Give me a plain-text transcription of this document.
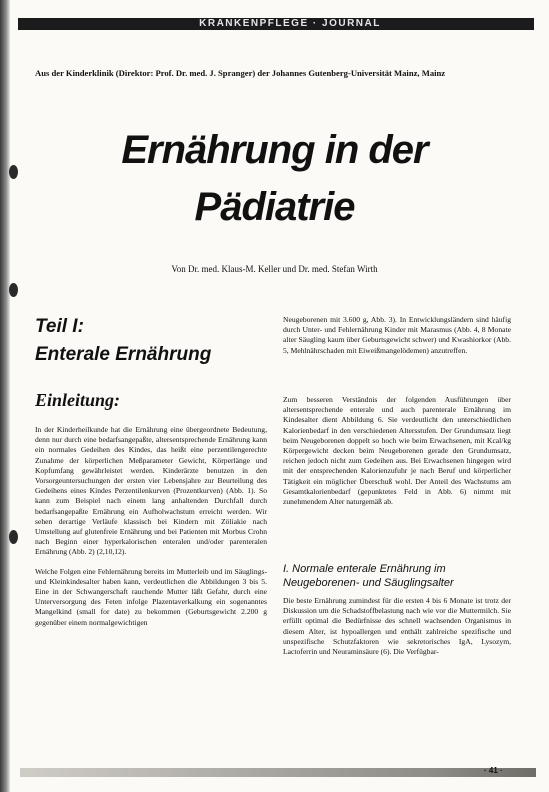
KRANKENPFLEGE · JOURNAL
Aus der Kinderklinik (Direktor: Prof. Dr. med. J. Spranger) der Johannes Gutenberg-Universität Mainz, Mainz
Ernährung in der
Pädiatrie
Von Dr. med. Klaus-M. Keller und Dr. med. Stefan Wirth
Teil I:
Enterale Ernährung
Einleitung:

In der Kinderheilkunde hat die Ernährung eine übergeordnete Bedeutung, denn nur durch eine bedarfsangepaßte, altersentsprechende Ernährung kann ein normales Gedeihen des Kindes, das heißt eine perzentilengerechte Zunahme der körperlichen Meßparameter Gewicht, Körperlänge und Kopfumfang gewährleistet werden. Kinderärzte benutzen in den Vorsorgeuntersuchungen der ersten vier Lebensjahre zur Beurteilung des Gedeihens eines Kindes Perzentilenkurven (Prozentkurven) (Abb. 1). So kann zum Beispiel nach einem lang anhaltenden Durchfall durch bedarfsangepaßte Ernährung ein Aufholwachstum erreicht werden. Wir sehen derartige Verläufe klassisch bei Kindern mit Zöliakie nach Umstellung auf glutenfreie Ernährung und bei Patienten mit Morbus Crohn nach Beginn einer hyperkalorischen enteralen und/oder parenteralen Ernährung (Abb. 2) (2,10,12).

Welche Folgen eine Fehlernährung bereits im Mutterleib und im Säuglings- und Kleinkindesalter haben kann, verdeutlichen die Abbildungen 3 bis 5. Eine in der Schwangerschaft rauchende Mutter läßt Gefahr, durch eine Unterversorgung des Feten infolge Plazentaverkalkung ein sogenanntes Mangelkind (small for date) zu bekommen (Geburtsgewicht 2.200 g gegenüber einem normalgewichtigen

Neugeborenen mit 3.600 g, Abb. 3). In Entwicklungsländern sind häufig durch Unter- und Fehlernährung Kinder mit Marasmus (Abb. 4, 8 Monate alter Säugling kaum über Geburtsgewicht schwer) und Kwashiorkor (Abb. 5, Mehlnährschaden mit Eiweißmangelödemen) anzutreffen.

Zum besseren Verständnis der folgenden Ausführungen über altersentsprechende enterale und auch parenterale Ernährung im Kindesalter dient Abbildung 6. Sie verdeutlicht den unterschiedlichen Kalorienbedarf in den verschiedenen Altersstufen. Der Grundumsatz liegt beim Neugeborenen doppelt so hoch wie beim Erwachsenen, mit Kcal/kg Körpergewicht decken beim Neugeborenen gerade den Grundumsatz, reichen jedoch nicht zum Gedeihen aus. Bei Erwachsenen hingegen wird mit der entsprechenden Kalorienzufuhr je nach Beruf und körperlicher Tätigkeit ein möglicher Überschuß wohl. Der Anteil des Wachstums am Gesamtkalorienbedarf (gepunktetes Feld in Abb. 6) nimmt mit zunehmendem Alter naturgemäß ab.

I. Normale enterale Ernährung im Neugeborenen- und Säuglingsalter

Die beste Ernährung zumindest für die ersten 4 bis 6 Monate ist trotz der Diskussion um die Schadstoffbelastung nach wie vor die Muttermilch. Sie erfüllt optimal die Bedürfnisse des schnell wachsenden Organismus in diesem Alter, ist hypoallergen und enthält zahlreiche spezifische und unspezifische Schutzfaktoren wie sekretorisches IgA, Lysozym, Lactoferrin und Neuraminsäure (6). Die Verfügbar-

· 41 ·
